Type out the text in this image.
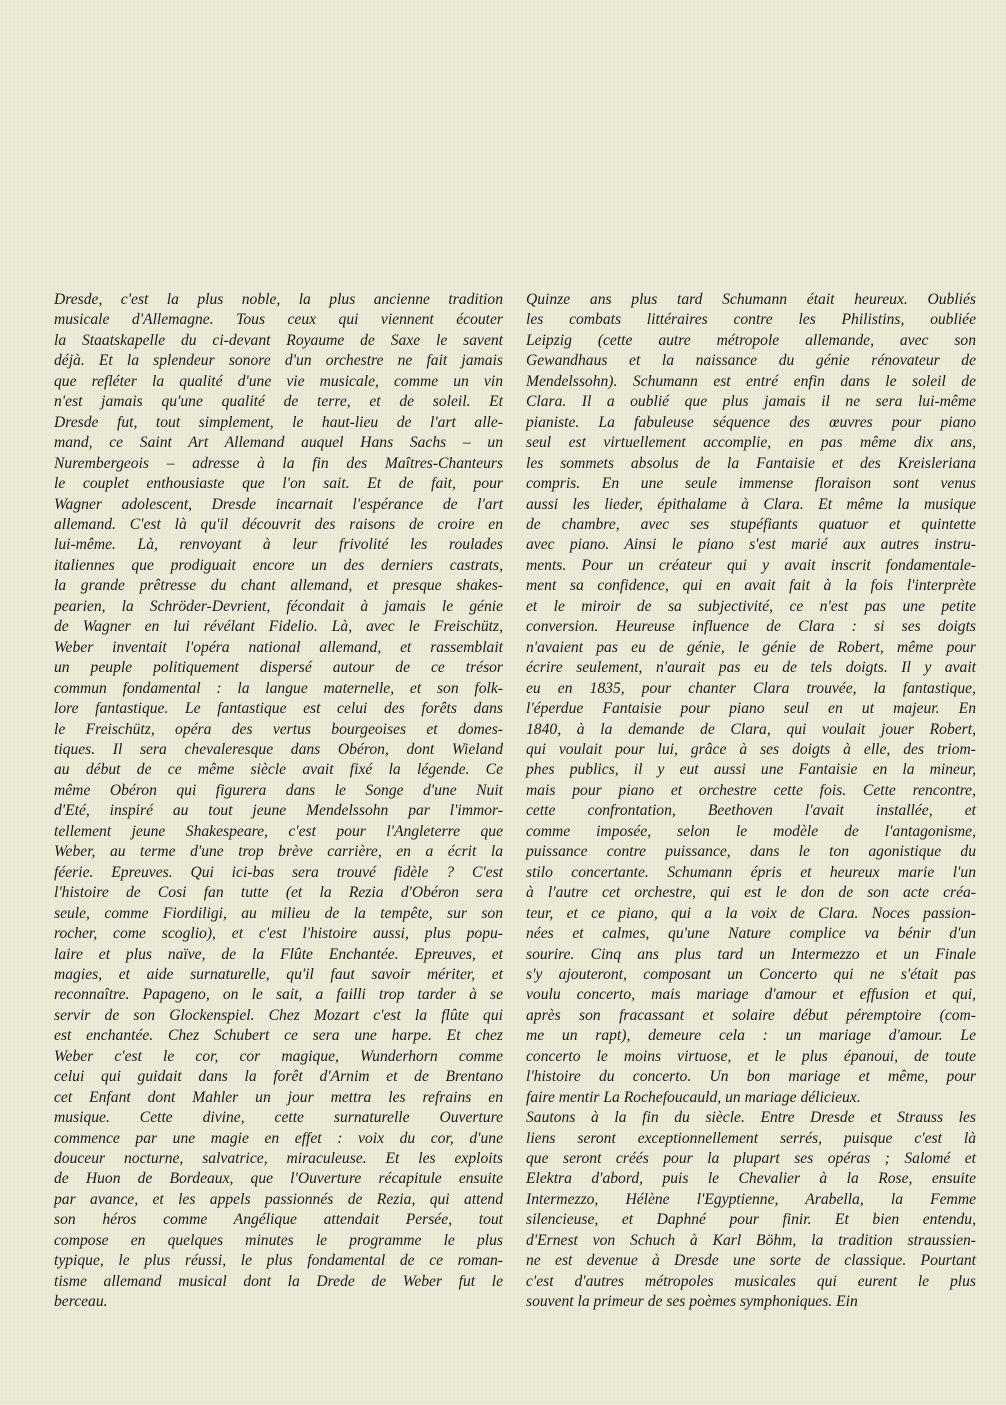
Dresde, c'est la plus noble, la plus ancienne tradition
musicale d'Allemagne. Tous ceux qui viennent écouter
la Staatskapelle du ci-devant Royaume de Saxe le savent
déjà. Et la splendeur sonore d'un orchestre ne fait jamais
que refléter la qualité d'une vie musicale, comme un vin
n'est jamais qu'une qualité de terre, et de soleil. Et
Dresde fut, tout simplement, le haut-lieu de l'art alle-
mand, ce Saint Art Allemand auquel Hans Sachs – un
Nurembergeois – adresse à la fin des Maîtres-Chanteurs
le couplet enthousiaste que l'on sait. Et de fait, pour
Wagner adolescent, Dresde incarnait l'espérance de l'art
allemand. C'est là qu'il découvrit des raisons de croire en
lui-même. Là, renvoyant à leur frivolité les roulades
italiennes que prodiguait encore un des derniers castrats,
la grande prêtresse du chant allemand, et presque shakes-
pearien, la Schröder-Devrient, fécondait à jamais le génie
de Wagner en lui révélant Fidelio. Là, avec le Freischütz,
Weber inventait l'opéra national allemand, et rassemblait
un peuple politiquement dispersé autour de ce trésor
commun fondamental : la langue maternelle, et son folk-
lore fantastique. Le fantastique est celui des forêts dans
le Freischütz, opéra des vertus bourgeoises et domes-
tiques. Il sera chevaleresque dans Obéron, dont Wieland
au début de ce même siècle avait fixé la légende. Ce
même Obéron qui figurera dans le Songe d'une Nuit
d'Eté, inspiré au tout jeune Mendelssohn par l'immor-
tellement jeune Shakespeare, c'est pour l'Angleterre que
Weber, au terme d'une trop brève carrière, en a écrit la
féerie. Epreuves. Qui ici-bas sera trouvé fidèle ? C'est
l'histoire de Cosi fan tutte (et la Rezia d'Obéron sera
seule, comme Fiordiligi, au milieu de la tempête, sur son
rocher, come scoglio), et c'est l'histoire aussi, plus popu-
laire et plus naïve, de la Flûte Enchantée. Epreuves, et
magies, et aide surnaturelle, qu'il faut savoir mériter, et
reconnaître. Papageno, on le sait, a failli trop tarder à se
servir de son Glockenspiel. Chez Mozart c'est la flûte qui
est enchantée. Chez Schubert ce sera une harpe. Et chez
Weber c'est le cor, cor magique, Wunderhorn comme
celui qui guidait dans la forêt d'Arnim et de Brentano
cet Enfant dont Mahler un jour mettra les refrains en
musique. Cette divine, cette surnaturelle Ouverture
commence par une magie en effet : voix du cor, d'une
douceur nocturne, salvatrice, miraculeuse. Et les exploits
de Huon de Bordeaux, que l'Ouverture récapitule ensuite
par avance, et les appels passionnés de Rezia, qui attend
son héros comme Angélique attendait Persée, tout
compose en quelques minutes le programme le plus
typique, le plus réussi, le plus fondamental de ce roman-
tisme allemand musical dont la Drede de Weber fut le
berceau.
Quinze ans plus tard Schumann était heureux. Oubliés
les combats littéraires contre les Philistins, oubliée
Leipzig (cette autre métropole allemande, avec son
Gewandhaus et la naissance du génie rénovateur de
Mendelssohn). Schumann est entré enfin dans le soleil de
Clara. Il a oublié que plus jamais il ne sera lui-même
pianiste. La fabuleuse séquence des œuvres pour piano
seul est virtuellement accomplie, en pas même dix ans,
les sommets absolus de la Fantaisie et des Kreisleriana
compris. En une seule immense floraison sont venus
aussi les lieder, épithalame à Clara. Et même la musique
de chambre, avec ses stupéfiants quatuor et quintette
avec piano. Ainsi le piano s'est marié aux autres instru-
ments. Pour un créateur qui y avait inscrit fondamentale-
ment sa confidence, qui en avait fait à la fois l'interprète
et le miroir de sa subjectivité, ce n'est pas une petite
conversion. Heureuse influence de Clara : si ses doigts
n'avaient pas eu de génie, le génie de Robert, même pour
écrire seulement, n'aurait pas eu de tels doigts. Il y avait
eu en 1835, pour chanter Clara trouvée, la fantastique,
l'éperdue Fantaisie pour piano seul en ut majeur. En
1840, à la demande de Clara, qui voulait jouer Robert,
qui voulait pour lui, grâce à ses doigts à elle, des triom-
phes publics, il y eut aussi une Fantaisie en la mineur,
mais pour piano et orchestre cette fois. Cette rencontre,
cette confrontation, Beethoven l'avait installée, et
comme imposée, selon le modèle de l'antagonisme,
puissance contre puissance, dans le ton agonistique du
stilo concertante. Schumann épris et heureux marie l'un
à l'autre cet orchestre, qui est le don de son acte créa-
teur, et ce piano, qui a la voix de Clara. Noces passion-
nées et calmes, qu'une Nature complice va bénir d'un
sourire. Cinq ans plus tard un Intermezzo et un Finale
s'y ajouteront, composant un Concerto qui ne s'était pas
voulu concerto, mais mariage d'amour et effusion et qui,
après son fracassant et solaire début péremptoire (com-
me un rapt), demeure cela : un mariage d'amour. Le
concerto le moins virtuose, et le plus épanoui, de toute
l'histoire du concerto. Un bon mariage et même, pour
faire mentir La Rochefoucauld, un mariage délicieux.
Sautons à la fin du siècle. Entre Dresde et Strauss les
liens seront exceptionnellement serrés, puisque c'est là
que seront créés pour la plupart ses opéras ; Salomé et
Elektra d'abord, puis le Chevalier à la Rose, ensuite
Intermezzo, Hélène l'Egyptienne, Arabella, la Femme
silencieuse, et Daphné pour finir. Et bien entendu,
d'Ernest von Schuch à Karl Böhm, la tradition straussien-
ne est devenue à Dresde une sorte de classique. Pourtant
c'est d'autres métropoles musicales qui eurent le plus
souvent la primeur de ses poèmes symphoniques. Ein
